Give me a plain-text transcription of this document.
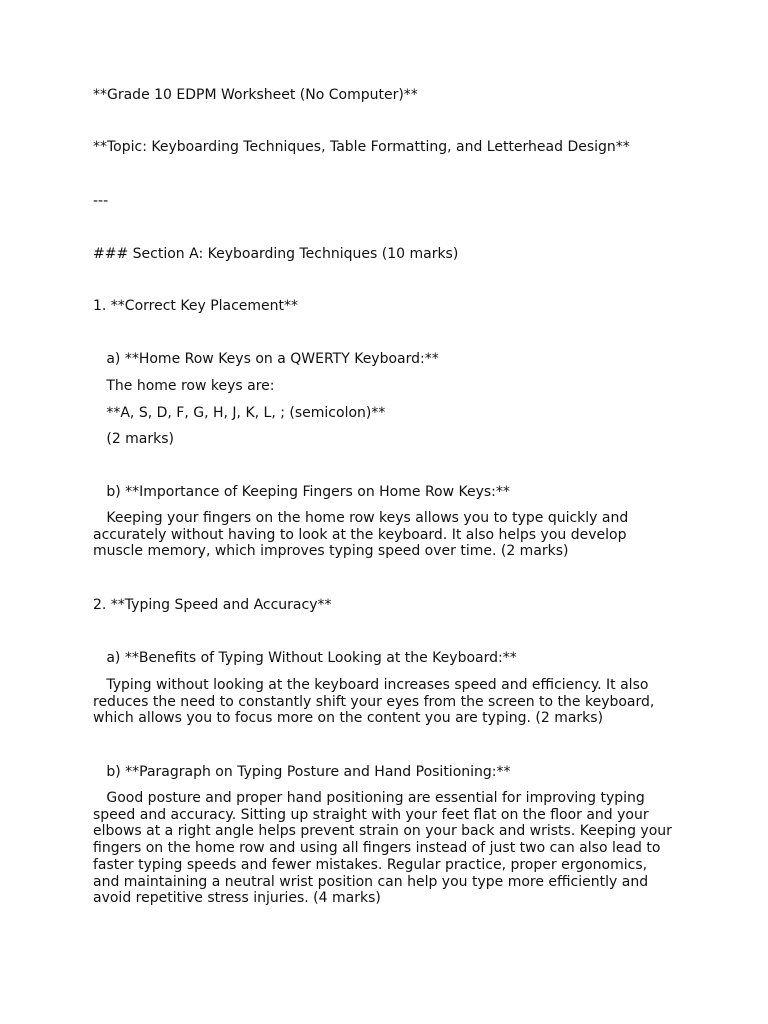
**Grade 10 EDPM Worksheet (No Computer)**

**Topic: Keyboarding Techniques, Table Formatting, and Letterhead Design**

---

### Section A: Keyboarding Techniques (10 marks)

1. **Correct Key Placement**

a) **Home Row Keys on a QWERTY Keyboard:**

The home row keys are:

**A, S, D, F, G, H, J, K, L, ; (semicolon)**

(2 marks)

b) **Importance of Keeping Fingers on Home Row Keys:**

Keeping your fingers on the home row keys allows you to type quickly and accurately without having to look at the keyboard. It also helps you develop muscle memory, which improves typing speed over time. (2 marks)

2. **Typing Speed and Accuracy**

a) **Benefits of Typing Without Looking at the Keyboard:**

Typing without looking at the keyboard increases speed and efficiency. It also reduces the need to constantly shift your eyes from the screen to the keyboard, which allows you to focus more on the content you are typing. (2 marks)

b) **Paragraph on Typing Posture and Hand Positioning:**

Good posture and proper hand positioning are essential for improving typing speed and accuracy. Sitting up straight with your feet flat on the floor and your elbows at a right angle helps prevent strain on your back and wrists. Keeping your fingers on the home row and using all fingers instead of just two can also lead to faster typing speeds and fewer mistakes. Regular practice, proper ergonomics, and maintaining a neutral wrist position can help you type more efficiently and avoid repetitive stress injuries. (4 marks)
